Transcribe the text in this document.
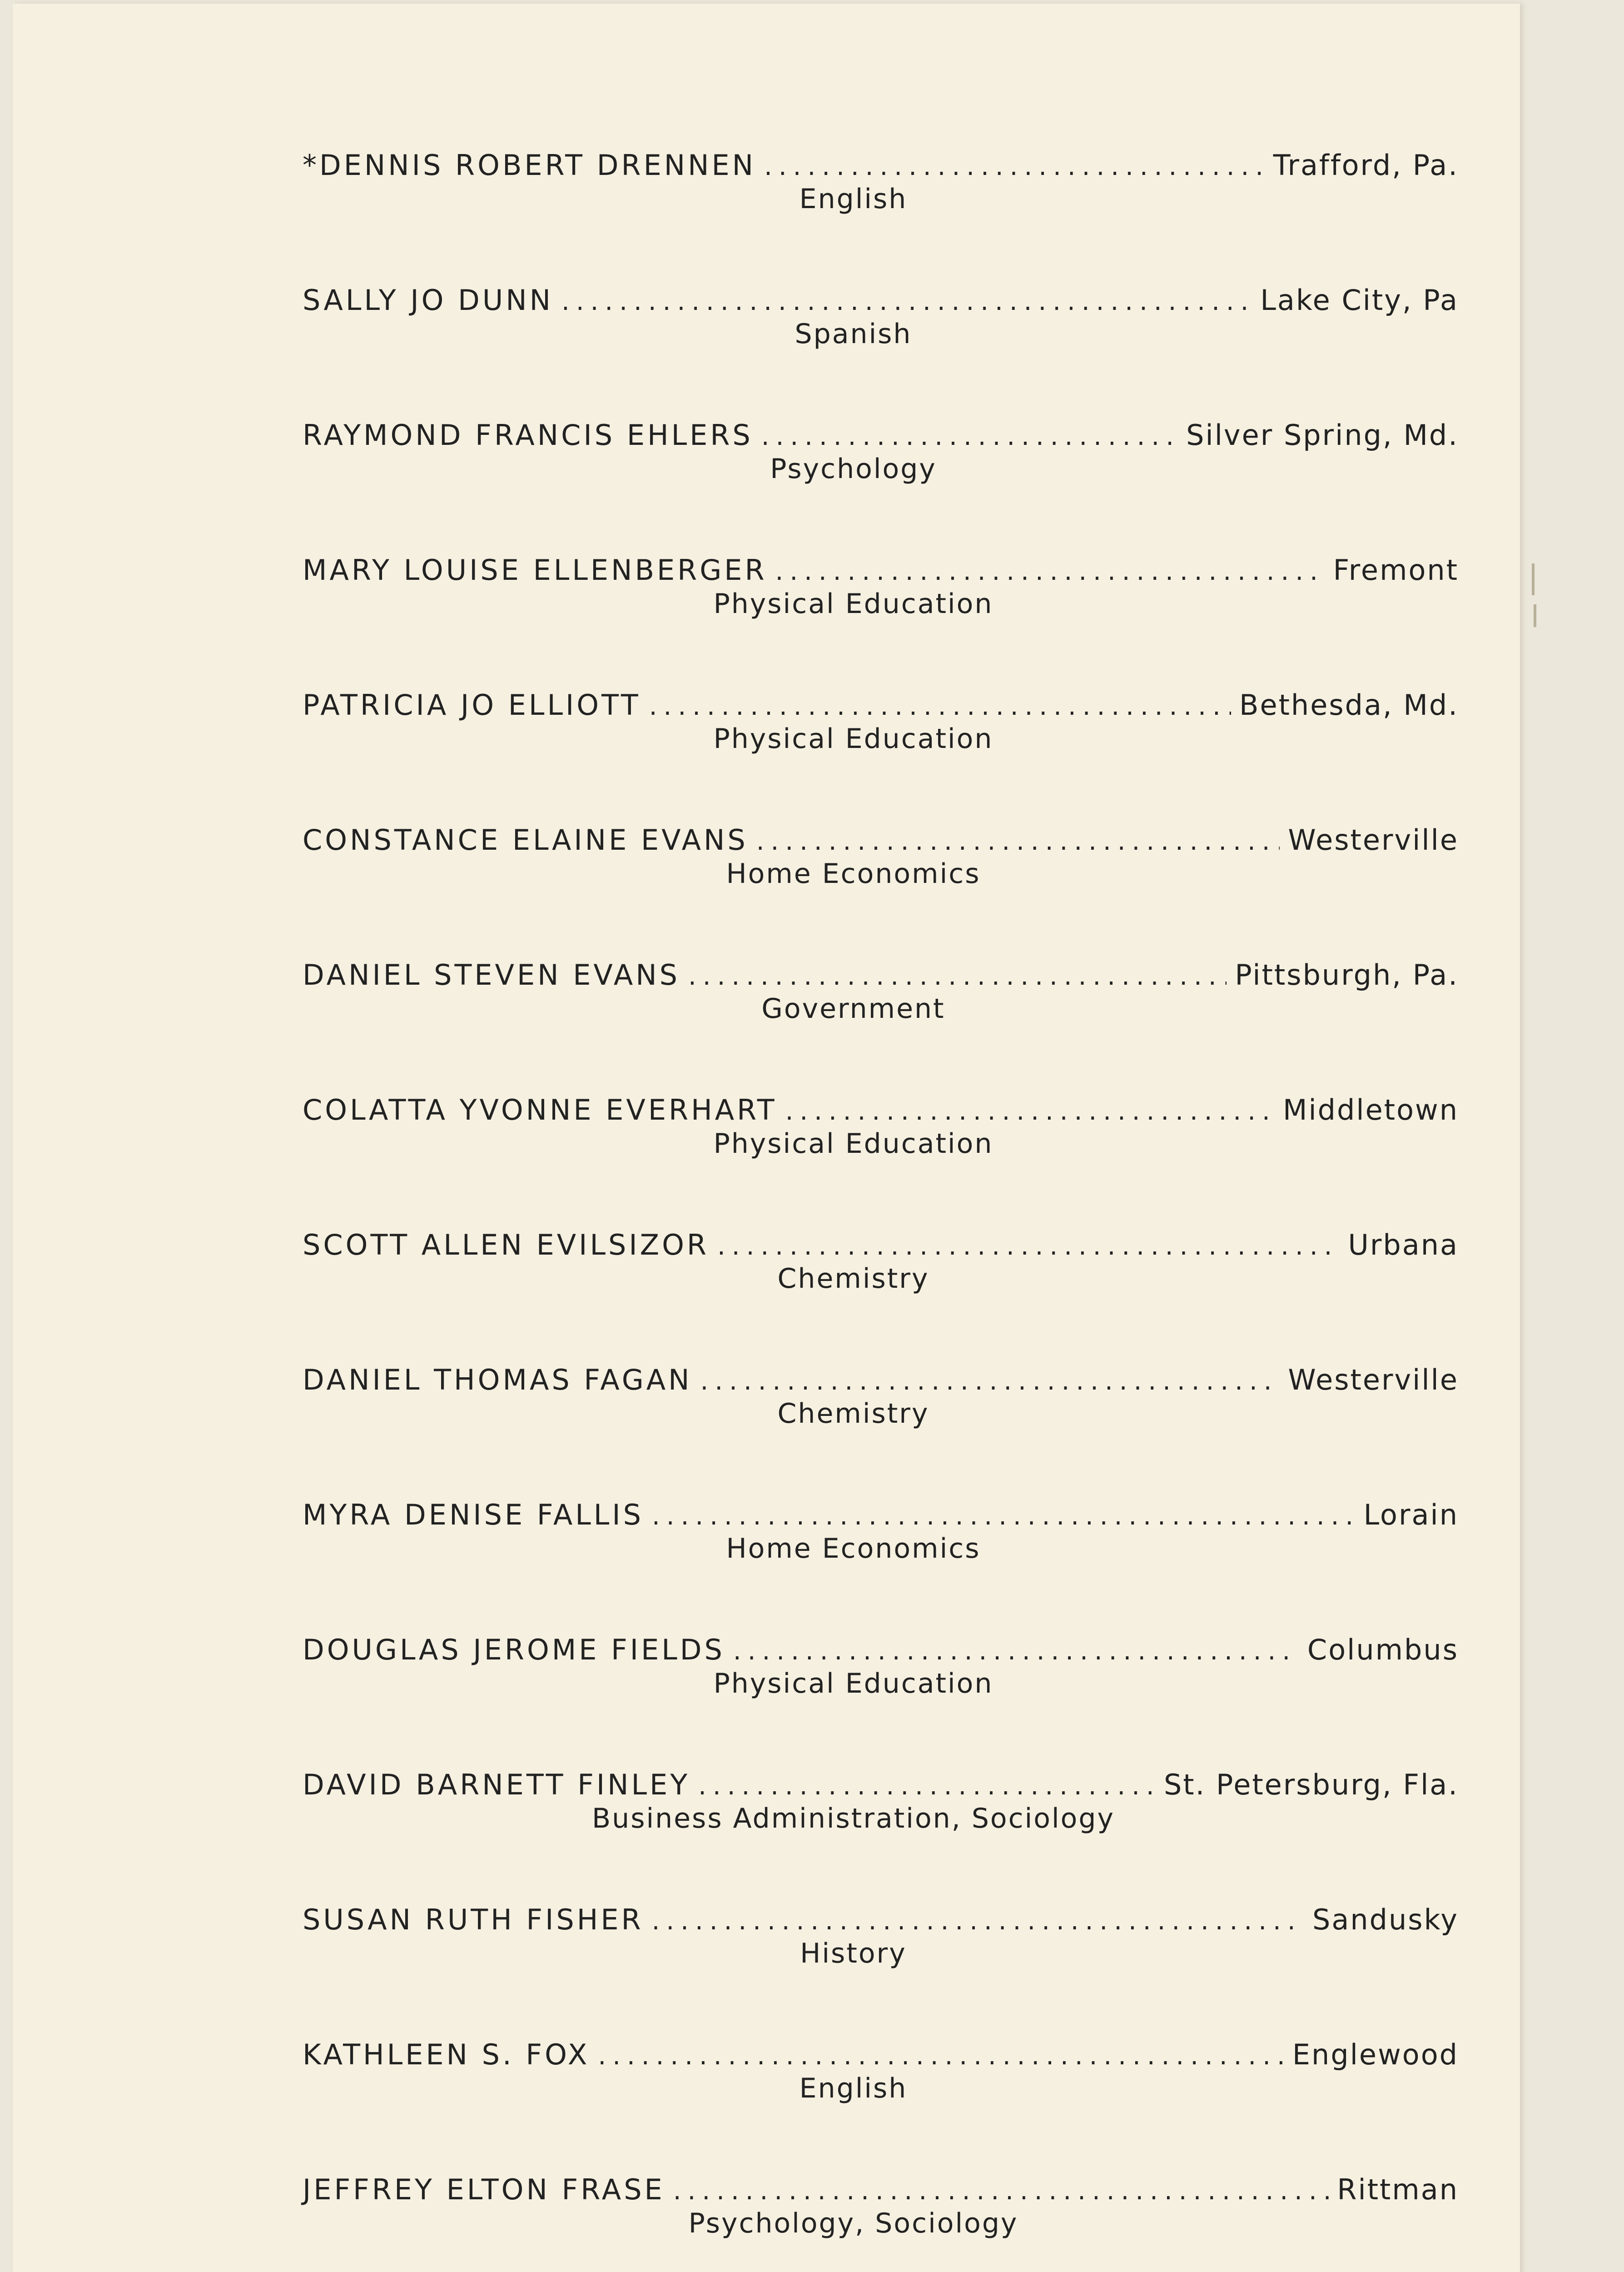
*DENNIS ROBERT DRENNEN .....	Trafford, Pa.
English
SALLY JO DUNN .....	Lake City, Pa
Spanish
RAYMOND FRANCIS EHLERS .....	Silver Spring, Md.
Psychology
MARY LOUISE ELLENBERGER .....	Fremont
Physical Education
PATRICIA JO ELLIOTT .....	Bethesda, Md.
Physical Education
CONSTANCE ELAINE EVANS .....	Westerville
Home Economics
DANIEL STEVEN EVANS .....	Pittsburgh, Pa.
Government
COLATTA YVONNE EVERHART .....	Middletown
Physical Education
SCOTT ALLEN EVILSIZOR .....	Urbana
Chemistry
DANIEL THOMAS FAGAN .....	Westerville
Chemistry
MYRA DENISE FALLIS .....	Lorain
Home Economics
DOUGLAS JEROME FIELDS .....	Columbus
Physical Education
DAVID BARNETT FINLEY .....	St. Petersburg, Fla.
Business Administration, Sociology
SUSAN RUTH FISHER .....	Sandusky
History
KATHLEEN S. FOX .....	Englewood
English
JEFFREY ELTON FRASE .....	Rittman
Psychology, Sociology
